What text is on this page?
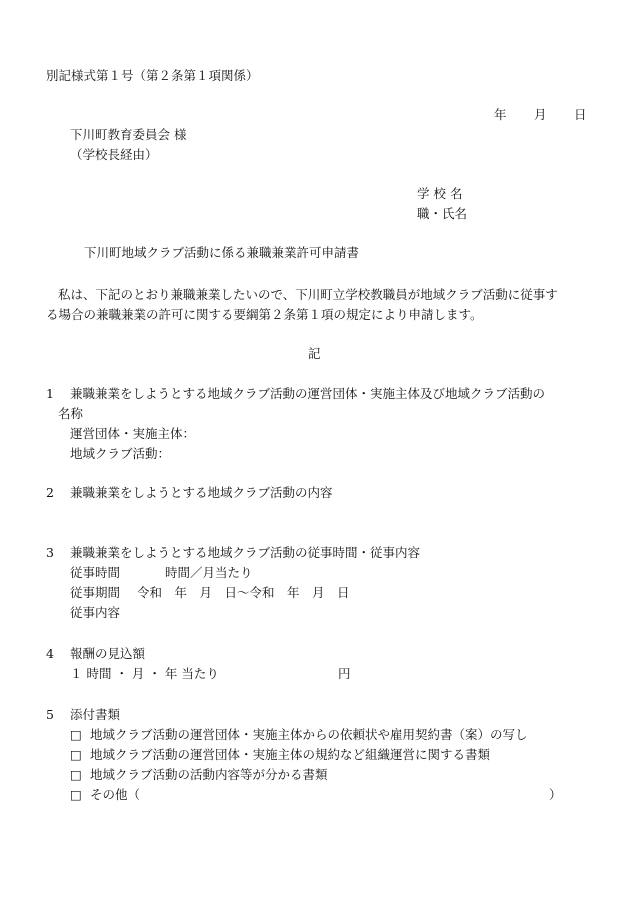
別記様式第１号（第２条第１項関係）
年 月 日
下川町教育委員会 様
（学校長経由）
学 校 名
職・氏名
下川町地域クラブ活動に係る兼職兼業許可申請書
私は、下記のとおり兼職兼業したいので、下川町立学校教職員が地域クラブ活動に従事す
る場合の兼職兼業の許可に関する要綱第２条第１項の規定により申請します。
記
1 兼職兼業をしようとする地域クラブ活動の運営団体・実施主体及び地域クラブ活動の
名称
運営団体・実施主体：
地域クラブ活動：
2 兼職兼業をしようとする地域クラブ活動の内容
3 兼職兼業をしようとする地域クラブ活動の従事時間・従事内容
従事時間	時間／月当たり
従事期間 令和　年　月　日～令和　年　月　日
従事内容
4 報酬の見込額
１ 時間 ・ 月 ・ 年 当たり	円
5 添付書類
□ 地域クラブ活動の運営団体・実施主体からの依頼状や雇用契約書（案）の写し
□ 地域クラブ活動の運営団体・実施主体の規約など組織運営に関する書類
□ 地域クラブ活動の活動内容等が分かる書類
□ その他（	）
